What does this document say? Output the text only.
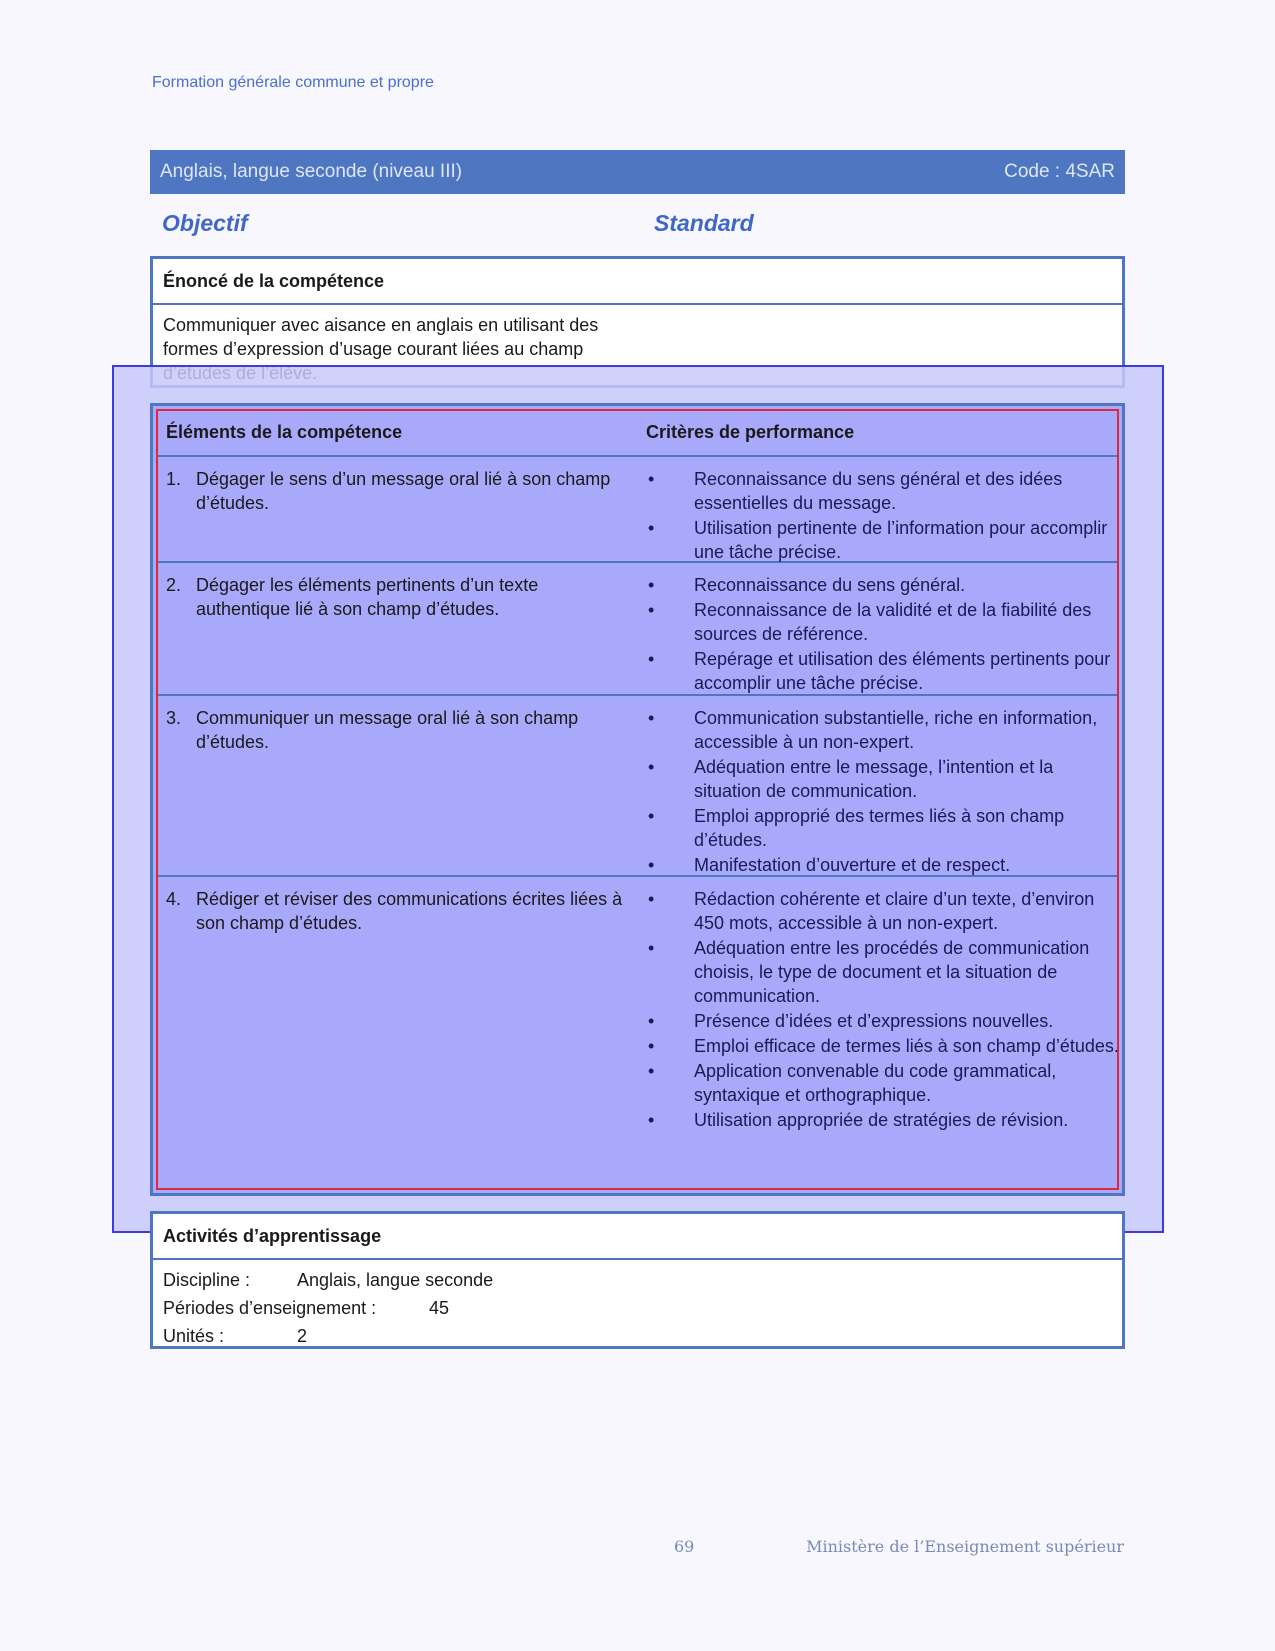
Formation générale commune et propre
Anglais, langue seconde (niveau III)	Code : 4SAR
Objectif	Standard
Énoncé de la compétence
Communiquer avec aisance en anglais en utilisant des formes d’expression d’usage courant liées au champ
Éléments de la compétence	Critères de performance
1. Dégager le sens d’un message oral lié à son champ d’études.
• Reconnaissance du sens général et des idées essentielles du message.
• Utilisation pertinente de l’information pour accomplir une tâche précise.
2. Dégager les éléments pertinents d’un texte authentique lié à son champ d’études.
• Reconnaissance du sens général.
• Reconnaissance de la validité et de la fiabilité des sources de référence.
• Repérage et utilisation des éléments pertinents pour accomplir une tâche précise.
3. Communiquer un message oral lié à son champ d’études.
• Communication substantielle, riche en information, accessible à un non-expert.
• Adéquation entre le message, l’intention et la situation de communication.
• Emploi approprié des termes liés à son champ d’études.
• Manifestation d’ouverture et de respect.
4. Rédiger et réviser des communications écrites liées à son champ d’études.
• Rédaction cohérente et claire d’un texte, d’environ 450 mots, accessible à un non-expert.
• Adéquation entre les procédés de communication choisis, le type de document et la situation de communication.
• Présence d’idées et d’expressions nouvelles.
• Emploi efficace de termes liés à son champ d’études.
• Application convenable du code grammatical, syntaxique et orthographique.
• Utilisation appropriée de stratégies de révision.
Activités d’apprentissage
Discipline :	Anglais, langue seconde
Périodes d’enseignement :	45
Unités :	2
69	Ministère de l’Enseignement supérieur
